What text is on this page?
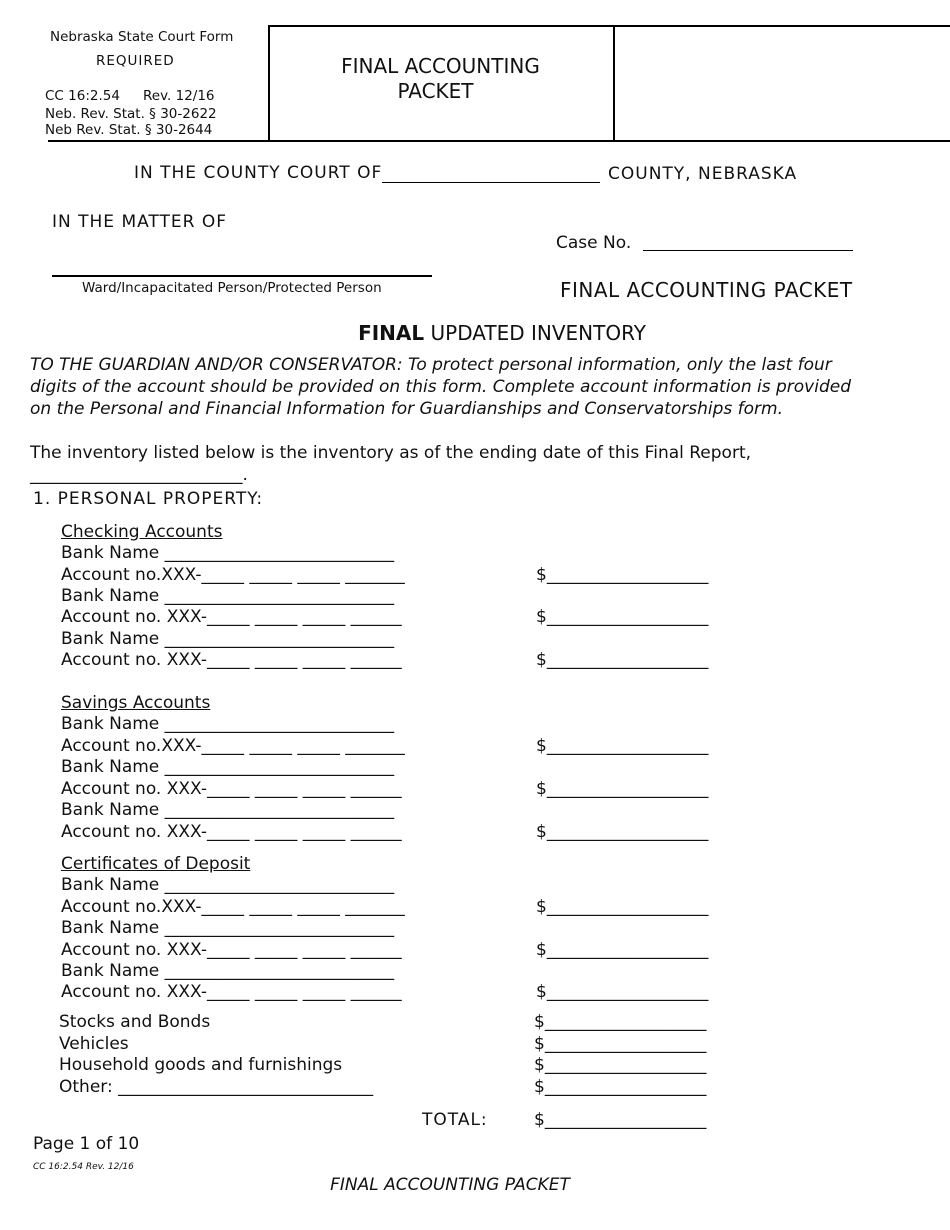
Nebraska State Court Form
REQUIRED
CC 16:2.54 Rev. 12/16
Neb. Rev. Stat. § 30-2622
Neb Rev. Stat. § 30-2644
FINAL ACCOUNTING
PACKET
IN THE COUNTY COURT OF	COUNTY, NEBRASKA
IN THE MATTER OF
Case No.
Ward/Incapacitated Person/Protected Person	FINAL ACCOUNTING PACKET
FINAL UPDATED INVENTORY
TO THE GUARDIAN AND/OR CONSERVATOR: To protect personal information, only the last four
digits of the account should be provided on this form. Complete account information is provided
on the Personal and Financial Information for Guardianships and Conservatorships form.
The inventory listed below is the inventory as of the ending date of this Final Report,
_________________________.
1. PERSONAL PROPERTY:
Checking Accounts
Bank Name ___________________________
Account no.XXX-_____ _____ _____ _______	$___________________
Bank Name ___________________________
Account no. XXX-_____ _____ _____ ______	$___________________
Bank Name ___________________________
Account no. XXX-_____ _____ _____ ______	$___________________
Savings Accounts
Bank Name ___________________________
Account no.XXX-_____ _____ _____ _______	$___________________
Bank Name ___________________________
Account no. XXX-_____ _____ _____ ______	$___________________
Bank Name ___________________________
Account no. XXX-_____ _____ _____ ______	$___________________
Certificates of Deposit
Bank Name ___________________________
Account no.XXX-_____ _____ _____ _______	$___________________
Bank Name ___________________________
Account no. XXX-_____ _____ _____ ______	$___________________
Bank Name ___________________________
Account no. XXX-_____ _____ _____ ______	$___________________
Stocks and Bonds	$___________________
Vehicles	$___________________
Household goods and furnishings	$___________________
Other: ______________________________	$___________________
TOTAL:	$___________________
Page 1 of 10
CC 16:2.54 Rev. 12/16
FINAL ACCOUNTING PACKET
